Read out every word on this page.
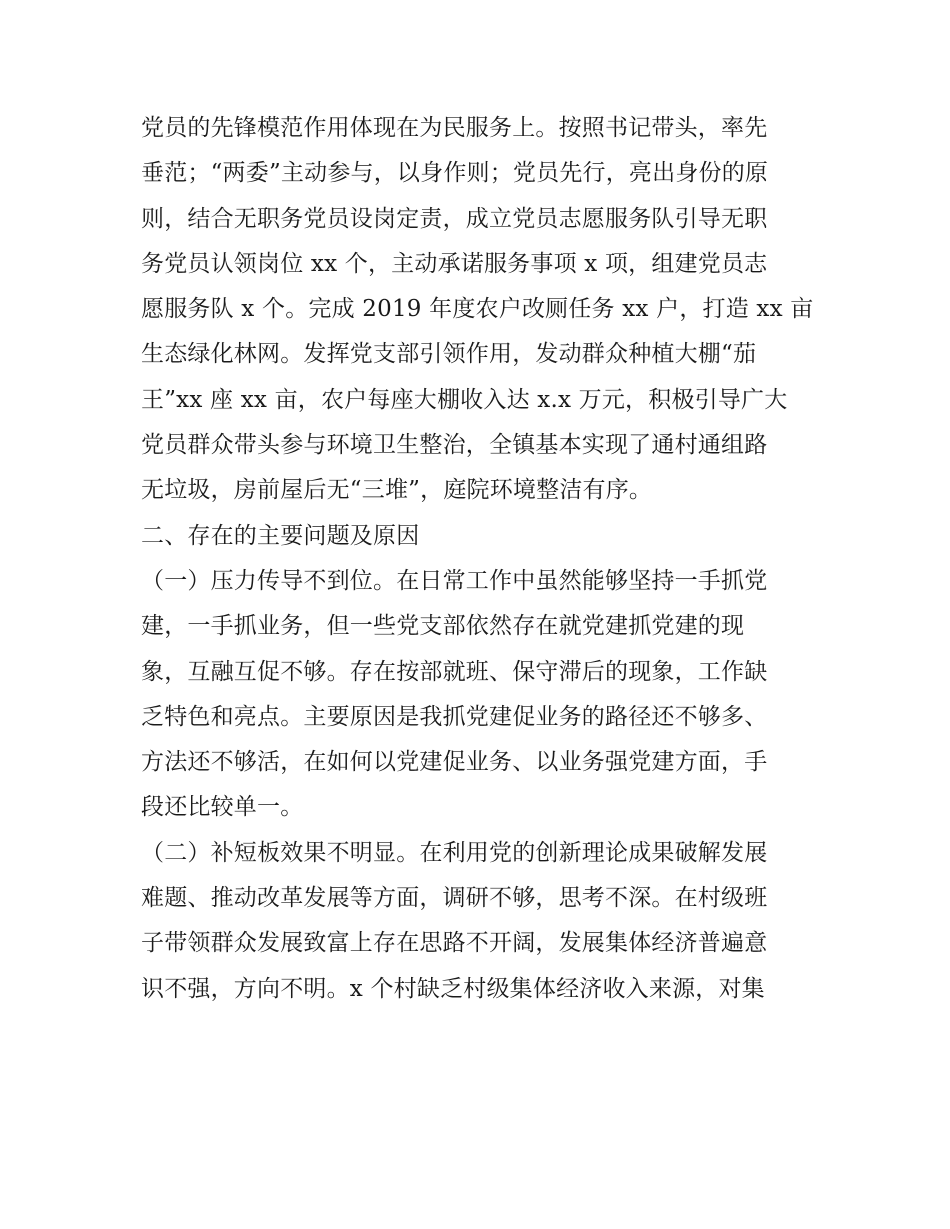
党员的先锋模范作用体现在为民服务上。按照书记带头，率先
垂范；“两委”主动参与，以身作则；党员先行，亮出身份的原
则，结合无职务党员设岗定责，成立党员志愿服务队引导无职
务党员认领岗位 xx 个，主动承诺服务事项 x 项，组建党员志
愿服务队 x 个。完成 2019 年度农户改厕任务 xx 户，打造 xx 亩
生态绿化林网。发挥党支部引领作用，发动群众种植大棚“茄
王”xx 座 xx 亩，农户每座大棚收入达 x.x 万元，积极引导广大
党员群众带头参与环境卫生整治，全镇基本实现了通村通组路
无垃圾，房前屋后无“三堆”，庭院环境整洁有序。
二、存在的主要问题及原因
（一）压力传导不到位。在日常工作中虽然能够坚持一手抓党
建，一手抓业务，但一些党支部依然存在就党建抓党建的现
象，互融互促不够。存在按部就班、保守滞后的现象，工作缺
乏特色和亮点。主要原因是我抓党建促业务的路径还不够多、
方法还不够活，在如何以党建促业务、以业务强党建方面，手
段还比较单一。
（二）补短板效果不明显。在利用党的创新理论成果破解发展
难题、推动改革发展等方面，调研不够，思考不深。在村级班
子带领群众发展致富上存在思路不开阔，发展集体经济普遍意
识不强，方向不明。x 个村缺乏村级集体经济收入来源，对集
